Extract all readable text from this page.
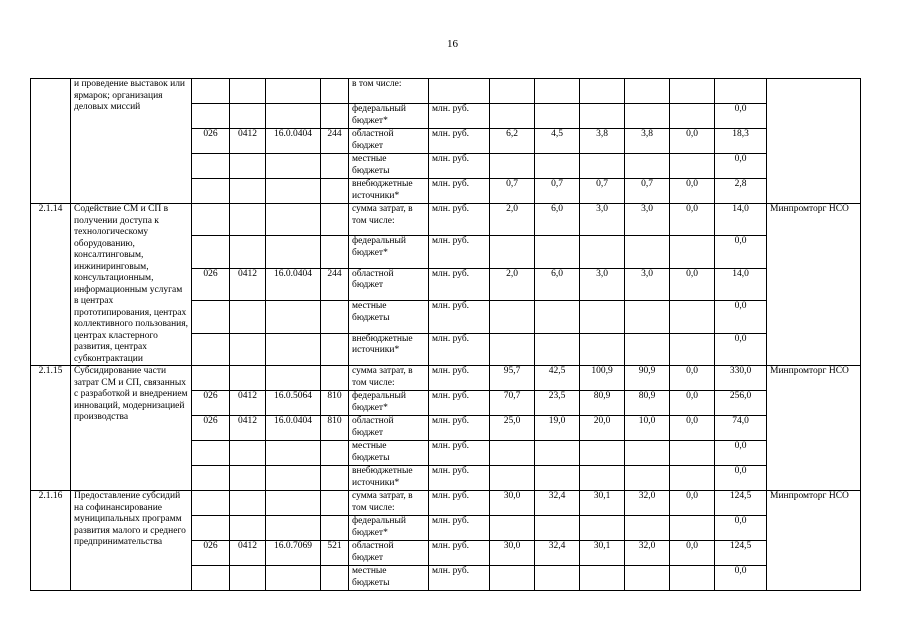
16
	и проведение выставок или ярмарок; организация деловых миссий					в том числе:								
						федеральный бюджет*	млн. руб.						0,0	
		026	0412	16.0.0404	244	областной бюджет	млн. руб.	6,2	4,5	3,8	3,8	0,0	18,3	
						местные бюджеты	млн. руб.						0,0	
						внебюджетные источники*	млн. руб.	0,7	0,7	0,7	0,7	0,0	2,8	
2.1.14	Содействие СМ и СП в получении доступа к технологическому оборудованию, консалтинговым, инжиниринговым, консультационным, информационным услугам в центрах прототипирования, центрах коллективного пользования, центрах кластерного развития, центрах субконтрактации					сумма затрат, в том числе:	млн. руб.	2,0	6,0	3,0	3,0	0,0	14,0	Минпромторг НСО
						федеральный бюджет*	млн. руб.						0,0	
		026	0412	16.0.0404	244	областной бюджет	млн. руб.	2,0	6,0	3,0	3,0	0,0	14,0	
						местные бюджеты	млн. руб.						0,0	
						внебюджетные источники*	млн. руб.						0,0	
2.1.15	Субсидирование части затрат СМ и СП, связанных с разработкой и внедрением инноваций, модернизацией производства					сумма затрат, в том числе:	млн. руб.	95,7	42,5	100,9	90,9	0,0	330,0	Минпромторг НСО
		026	0412	16.0.5064	810	федеральный бюджет*	млн. руб.	70,7	23,5	80,9	80,9	0,0	256,0	
		026	0412	16.0.0404	810	областной бюджет	млн. руб.	25,0	19,0	20,0	10,0	0,0	74,0	
						местные бюджеты	млн. руб.						0,0	
						внебюджетные источники*	млн. руб.						0,0	
2.1.16	Предоставление субсидий на софинансирование муниципальных программ развития малого и среднего предпринимательства					сумма затрат, в том числе:	млн. руб.	30,0	32,4	30,1	32,0	0,0	124,5	Минпромторг НСО
						федеральный бюджет*	млн. руб.						0,0	
		026	0412	16.0.7069	521	областной бюджет	млн. руб.	30,0	32,4	30,1	32,0	0,0	124,5	
						местные бюджеты	млн. руб.						0,0	
